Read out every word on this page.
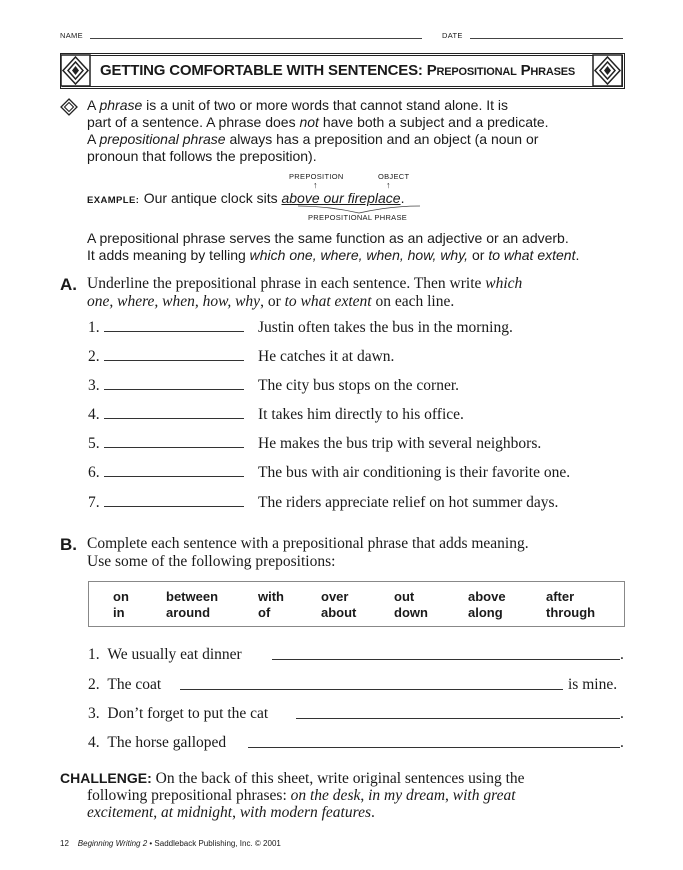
NAME	DATE
GETTING COMFORTABLE WITH SENTENCES: Prepositional Phrases
A phrase is a unit of two or more words that cannot stand alone. It is
part of a sentence. A phrase does not have both a subject and a predicate.
A prepositional phrase always has a preposition and an object (a noun or
pronoun that follows the preposition).
PREPOSITION	OBJECT
↑	↑
EXAMPLE: Our antique clock sits above our fireplace.
PREPOSITIONAL PHRASE
A prepositional phrase serves the same function as an adjective or an adverb.
It adds meaning by telling which one, where, when, how, why, or to what extent.
A. Underline the prepositional phrase in each sentence. Then write which
one, where, when, how, why, or to what extent on each line.
1.	Justin often takes the bus in the morning.
2.	He catches it at dawn.
3.	The city bus stops on the corner.
4.	It takes him directly to his office.
5.	He makes the bus trip with several neighbors.
6.	The bus with air conditioning is their favorite one.
7.	The riders appreciate relief on hot summer days.
B. Complete each sentence with a prepositional phrase that adds meaning.
Use some of the following prepositions:
on	between	with	over	out	above	after
in	around	of	about	down	along	through
1. We usually eat dinner	.
2. The coat	is mine.
3. Don’t forget to put the cat	.
4. The horse galloped	.
CHALLENGE: On the back of this sheet, write original sentences using the
following prepositional phrases: on the desk, in my dream, with great
excitement, at midnight, with modern features.
12 Beginning Writing 2 • Saddleback Publishing, Inc. © 2001
